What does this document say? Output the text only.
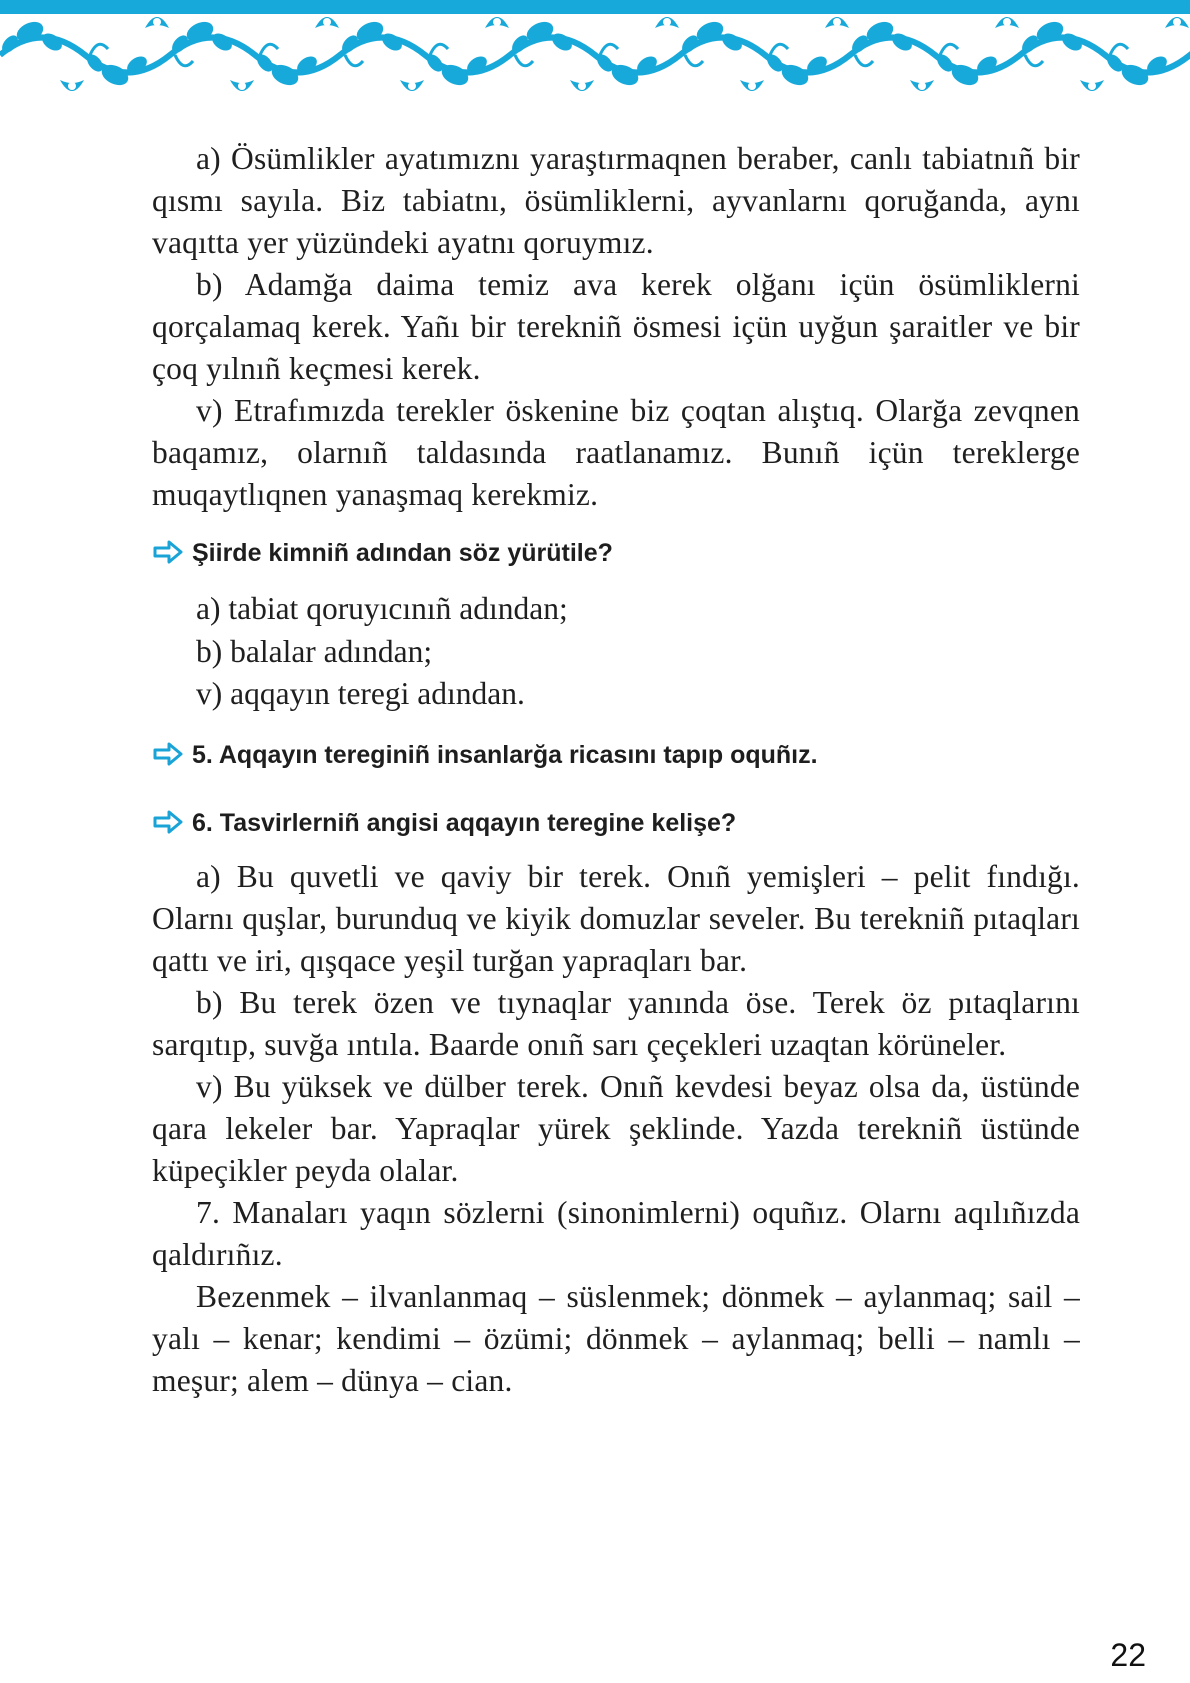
a) Ösümlikler ayatımıznı yaraştırmaqnen beraber, canlı tabiatnıñ bir qısmı sayıla. Biz tabiatnı, ösümliklerni, ayvanlarnı qoruğanda, aynı vaqıtta yer yüzündeki ayatnı qoruymız.

b) Adamğa daima temiz ava kerek olğanı içün ösümliklerni qorçalamaq kerek. Yañı bir terekniñ ösmesi içün uyğun şaraitler ve bir çoq yılnıñ keçmesi kerek.

v) Etrafımızda terekler öskenine biz çoqtan alıştıq. Olarğa zevqnen baqamız, olarnıñ taldasında raatlanamız. Bunıñ içün tereklerge muqaytlıqnen yanaşmaq kerekmiz.

Şiirde kimniñ adından söz yürütile?

a) tabiat qoruyıcınıñ adından;

b) balalar adından;

v) aqqayın teregi adından.

5. Aqqayın tereginiñ insanlarğa ricasını tapıp oquñız.
6. Tasvirlerniñ angisi aqqayın teregine kelişe?

a) Bu quvetli ve qaviy bir terek. Onıñ yemişleri – pelit fındığı. Olarnı quşlar, burunduq ve kiyik domuzlar seveler. Bu terekniñ pıtaqları qattı ve iri, qışqace yeşil turğan yapraqları bar.

b) Bu terek özen ve tıynaqlar yanında öse. Terek öz pıtaqlarını sarqıtıp, suvğa ıntıla. Baarde onıñ sarı çeçekleri uzaqtan körüneler.

v) Bu yüksek ve dülber terek. Onıñ kevdesi beyaz olsa da, üstünde qara lekeler bar. Yapraqlar yürek şeklinde. Yazda terekniñ üstünde küpeçikler peyda olalar.

7. Manaları yaqın sözlerni (sinonimlerni) oquñız. Olarnı aqılıñızda qaldırıñız.

Bezenmek – ilvanlanmaq – süslenmek; dönmek – aylanmaq; sail – yalı – kenar; kendimi – özümi; dönmek – aylanmaq; belli – namlı – meşur; alem – dünya – cian.

22
